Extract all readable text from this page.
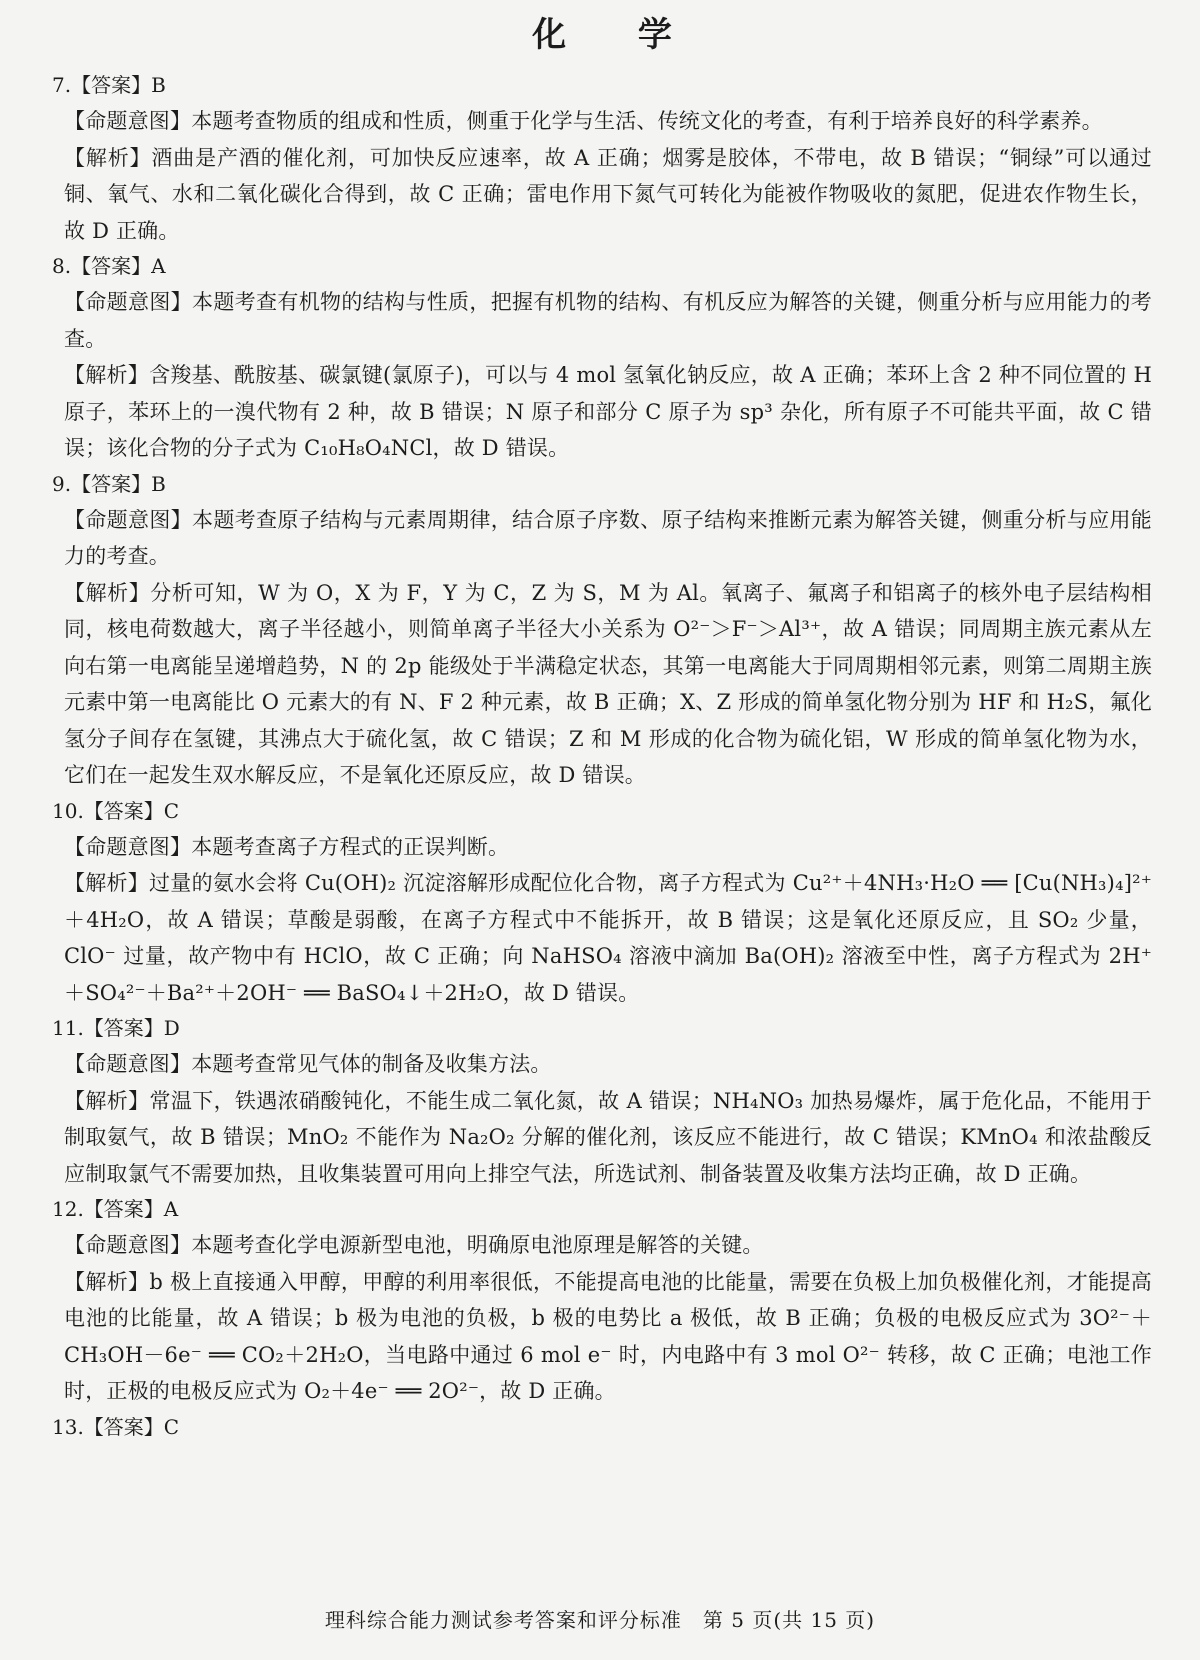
化 学

7.【答案】B

【命题意图】本题考查物质的组成和性质，侧重于化学与生活、传统文化的考查，有利于培养良好的科学素养。

【解析】酒曲是产酒的催化剂，可加快反应速率，故 A 正确；烟雾是胶体，不带电，故 B 错误；“铜绿”可以通过铜、氧气、水和二氧化碳化合得到，故 C 正确；雷电作用下氮气可转化为能被作物吸收的氮肥，促进农作物生长，故 D 正确。

8.【答案】A

【命题意图】本题考查有机物的结构与性质，把握有机物的结构、有机反应为解答的关键，侧重分析与应用能力的考查。

【解析】含羧基、酰胺基、碳氯键(氯原子)，可以与 4 mol 氢氧化钠反应，故 A 正确；苯环上含 2 种不同位置的 H 原子，苯环上的一溴代物有 2 种，故 B 错误；N 原子和部分 C 原子为 sp³ 杂化，所有原子不可能共平面，故 C 错误；该化合物的分子式为 C₁₀H₈O₄NCl，故 D 错误。

9.【答案】B

【命题意图】本题考查原子结构与元素周期律，结合原子序数、原子结构来推断元素为解答关键，侧重分析与应用能力的考查。

【解析】分析可知，W 为 O，X 为 F，Y 为 C，Z 为 S，M 为 Al。氧离子、氟离子和铝离子的核外电子层结构相同，核电荷数越大，离子半径越小，则简单离子半径大小关系为 O²⁻＞F⁻＞Al³⁺，故 A 错误；同周期主族元素从左向右第一电离能呈递增趋势，N 的 2p 能级处于半满稳定状态，其第一电离能大于同周期相邻元素，则第二周期主族元素中第一电离能比 O 元素大的有 N、F 2 种元素，故 B 正确；X、Z 形成的简单氢化物分别为 HF 和 H₂S，氟化氢分子间存在氢键，其沸点大于硫化氢，故 C 错误；Z 和 M 形成的化合物为硫化铝，W 形成的简单氢化物为水，它们在一起发生双水解反应，不是氧化还原反应，故 D 错误。

10.【答案】C

【命题意图】本题考查离子方程式的正误判断。

【解析】过量的氨水会将 Cu(OH)₂ 沉淀溶解形成配位化合物，离子方程式为 Cu²⁺＋4NH₃·H₂O ══ [Cu(NH₃)₄]²⁺＋4H₂O，故 A 错误；草酸是弱酸，在离子方程式中不能拆开，故 B 错误；这是氧化还原反应，且 SO₂ 少量，ClO⁻ 过量，故产物中有 HClO，故 C 正确；向 NaHSO₄ 溶液中滴加 Ba(OH)₂ 溶液至中性，离子方程式为 2H⁺＋SO₄²⁻＋Ba²⁺＋2OH⁻ ══ BaSO₄↓＋2H₂O，故 D 错误。

11.【答案】D

【命题意图】本题考查常见气体的制备及收集方法。

【解析】常温下，铁遇浓硝酸钝化，不能生成二氧化氮，故 A 错误；NH₄NO₃ 加热易爆炸，属于危化品，不能用于制取氨气，故 B 错误；MnO₂ 不能作为 Na₂O₂ 分解的催化剂，该反应不能进行，故 C 错误；KMnO₄ 和浓盐酸反应制取氯气不需要加热，且收集装置可用向上排空气法，所选试剂、制备装置及收集方法均正确，故 D 正确。

12.【答案】A

【命题意图】本题考查化学电源新型电池，明确原电池原理是解答的关键。

【解析】b 极上直接通入甲醇，甲醇的利用率很低，不能提高电池的比能量，需要在负极上加负极催化剂，才能提高电池的比能量，故 A 错误；b 极为电池的负极，b 极的电势比 a 极低，故 B 正确；负极的电极反应式为 3O²⁻＋CH₃OH－6e⁻ ══ CO₂＋2H₂O，当电路中通过 6 mol e⁻ 时，内电路中有 3 mol O²⁻ 转移，故 C 正确；电池工作时，正极的电极反应式为 O₂＋4e⁻ ══ 2O²⁻，故 D 正确。

13.【答案】C

理科综合能力测试参考答案和评分标准　第 5 页(共 15 页)
